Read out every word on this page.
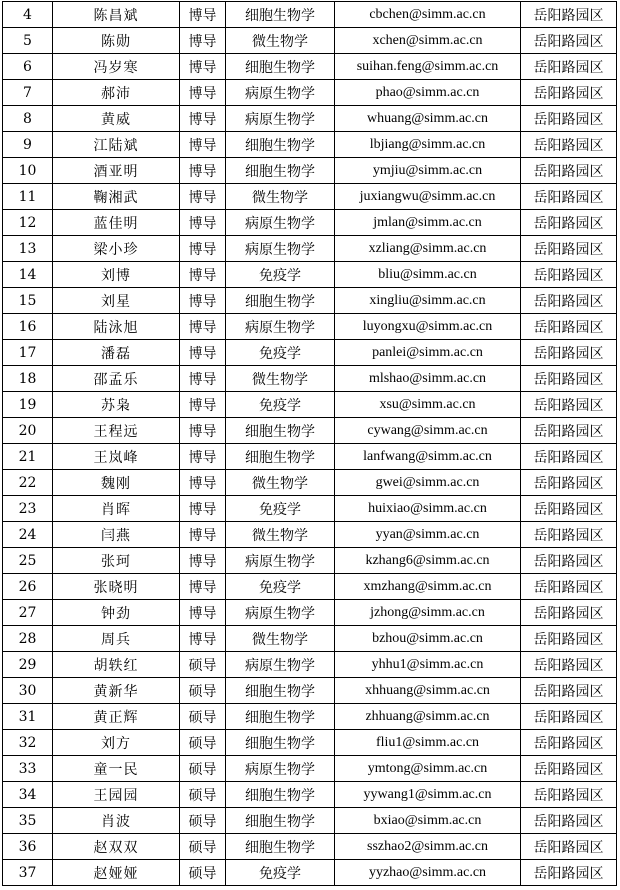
4	陈昌斌	博导	细胞生物学	cbchen@simm.ac.cn	岳阳路园区
5	陈勋	博导	微生物学	xchen@simm.ac.cn	岳阳路园区
6	冯岁寒	博导	细胞生物学	suihan.feng@simm.ac.cn	岳阳路园区
7	郝沛	博导	病原生物学	phao@simm.ac.cn	岳阳路园区
8	黄威	博导	病原生物学	whuang@simm.ac.cn	岳阳路园区
9	江陆斌	博导	细胞生物学	lbjiang@simm.ac.cn	岳阳路园区
10	酒亚明	博导	细胞生物学	ymjiu@simm.ac.cn	岳阳路园区
11	鞠湘武	博导	微生物学	juxiangwu@simm.ac.cn	岳阳路园区
12	蓝佳明	博导	病原生物学	jmlan@simm.ac.cn	岳阳路园区
13	梁小珍	博导	病原生物学	xzliang@simm.ac.cn	岳阳路园区
14	刘博	博导	免疫学	bliu@simm.ac.cn	岳阳路园区
15	刘星	博导	细胞生物学	xingliu@simm.ac.cn	岳阳路园区
16	陆泳旭	博导	病原生物学	luyongxu@simm.ac.cn	岳阳路园区
17	潘磊	博导	免疫学	panlei@simm.ac.cn	岳阳路园区
18	邵孟乐	博导	微生物学	mlshao@simm.ac.cn	岳阳路园区
19	苏枭	博导	免疫学	xsu@simm.ac.cn	岳阳路园区
20	王程远	博导	细胞生物学	cywang@simm.ac.cn	岳阳路园区
21	王岚峰	博导	细胞生物学	lanfwang@simm.ac.cn	岳阳路园区
22	魏刚	博导	微生物学	gwei@simm.ac.cn	岳阳路园区
23	肖晖	博导	免疫学	huixiao@simm.ac.cn	岳阳路园区
24	闫燕	博导	微生物学	yyan@simm.ac.cn	岳阳路园区
25	张珂	博导	病原生物学	kzhang6@simm.ac.cn	岳阳路园区
26	张晓明	博导	免疫学	xmzhang@simm.ac.cn	岳阳路园区
27	钟劲	博导	病原生物学	jzhong@simm.ac.cn	岳阳路园区
28	周兵	博导	微生物学	bzhou@simm.ac.cn	岳阳路园区
29	胡轶红	硕导	病原生物学	yhhu1@simm.ac.cn	岳阳路园区
30	黄新华	硕导	细胞生物学	xhhuang@simm.ac.cn	岳阳路园区
31	黄正辉	硕导	细胞生物学	zhhuang@simm.ac.cn	岳阳路园区
32	刘方	硕导	细胞生物学	fliu1@simm.ac.cn	岳阳路园区
33	童一民	硕导	病原生物学	ymtong@simm.ac.cn	岳阳路园区
34	王园园	硕导	细胞生物学	yywang1@simm.ac.cn	岳阳路园区
35	肖波	硕导	细胞生物学	bxiao@simm.ac.cn	岳阳路园区
36	赵双双	硕导	细胞生物学	sszhao2@simm.ac.cn	岳阳路园区
37	赵娅娅	硕导	免疫学	yyzhao@simm.ac.cn	岳阳路园区
